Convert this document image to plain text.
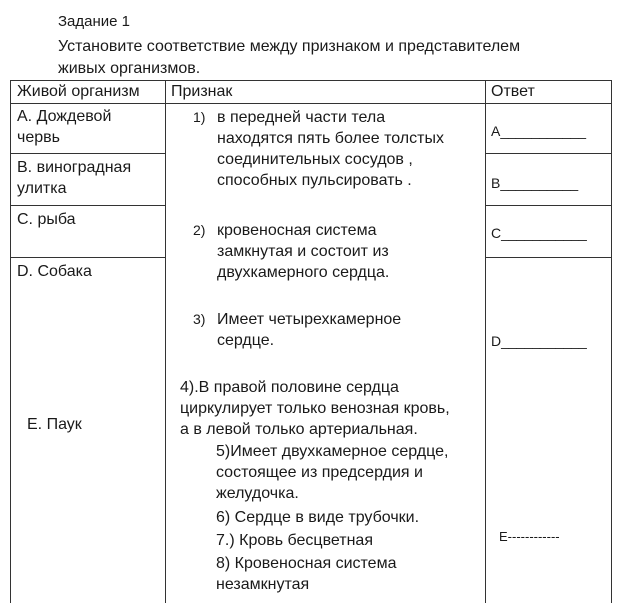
Задание 1
Установите соответствие между признаком и представителем
живых организмов.
Живой организм Признак	Ответ
А. Дождевой
червь
В. виноградная
улитка
С. рыба
D. Собака
Е. Паук
1) в передней части тела
находятся пять более толстых
соединительных сосудов ,
способных пульсировать .
2) кровеносная система
замкнутая и состоит из
двухкамерного сердца.
3) Имеет четырехкамерное
сердце.
4).В правой половине сердца
циркулирует только венозная кровь,
а в левой только артериальная.
5)Имеет двухкамерное сердце,
состоящее из предсердия и
желудочка.
6) Сердце в виде трубочки.
7.) Кровь бесцветная
8) Кровеносная система
незамкнутая
A___________
B__________
C___________
D___________
E------------
